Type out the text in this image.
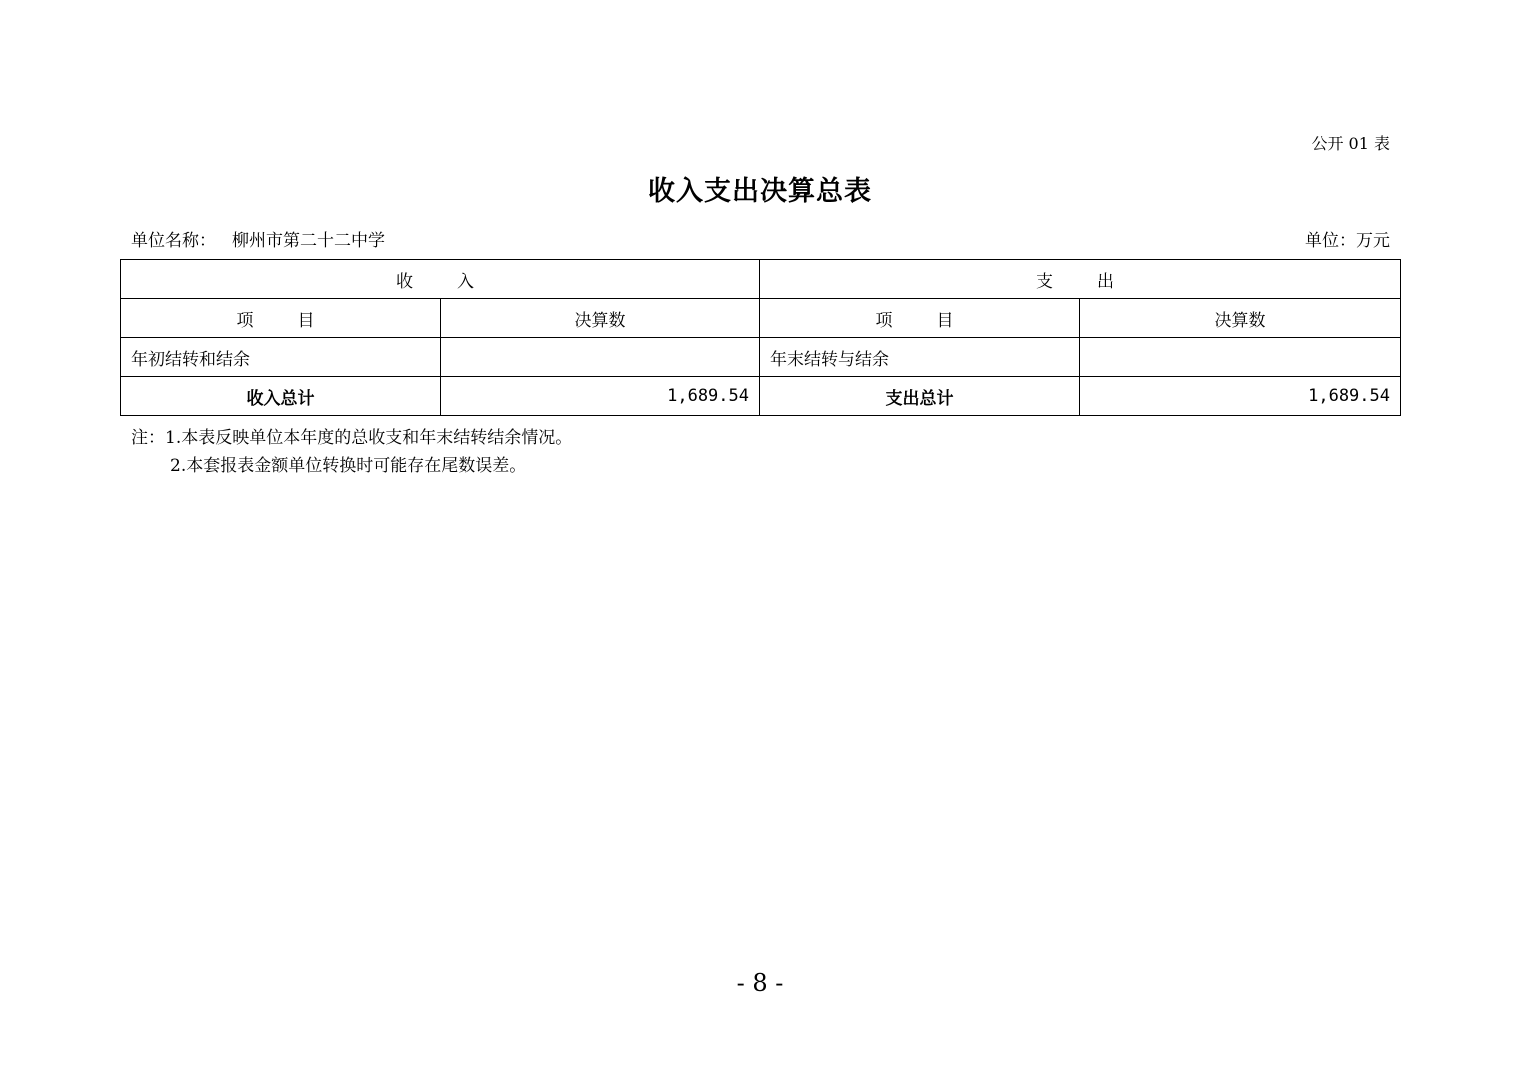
公开 01 表
收入支出决算总表
单位名称： 柳州市第二十二中学	单位：万元
收入		支出	
项目	决算数	项目	决算数
年初结转和结余		年末结转与结余	
收入总计	1,689.54	支出总计	1,689.54
注：1.本表反映单位本年度的总收支和年末结转结余情况。
2.本套报表金额单位转换时可能存在尾数误差。
- 8 -
